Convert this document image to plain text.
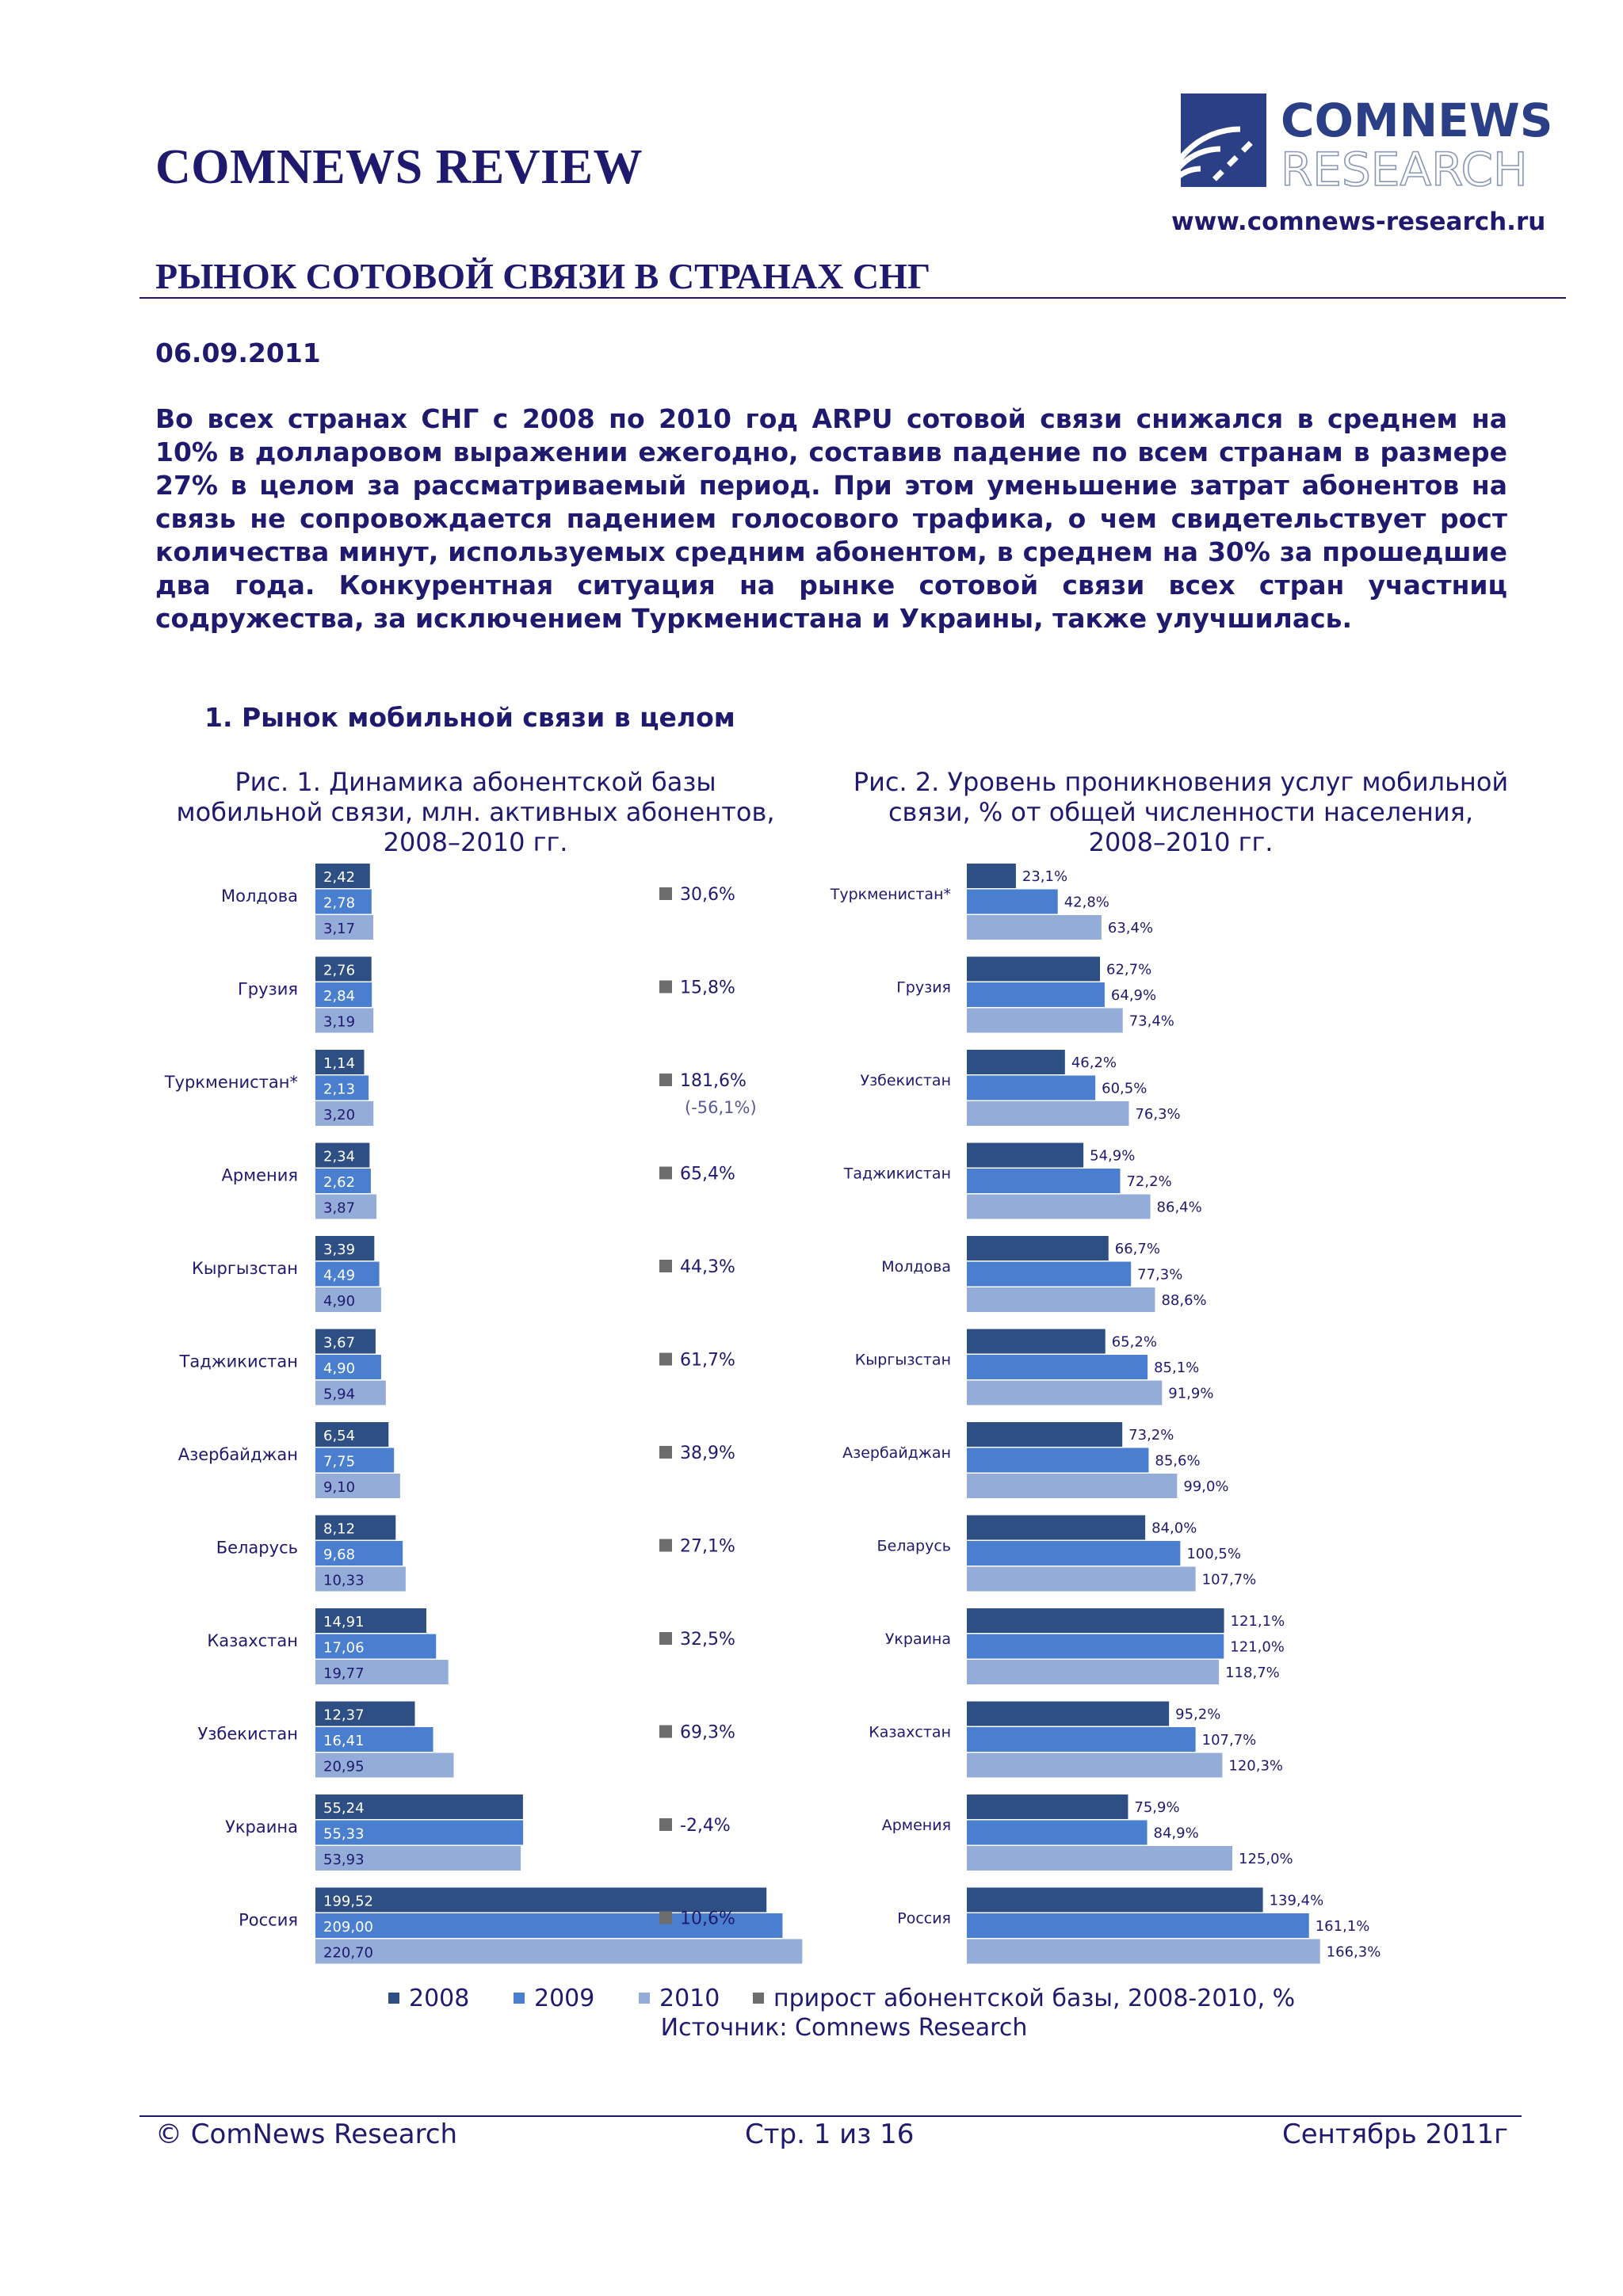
COMNEWS REVIEW
COMNEWS
RESEARCH
www.comnews-research.ru
РЫНОК СОТОВОЙ СВЯЗИ В СТРАНАХ СНГ
06.09.2011
Во всех странах СНГ с 2008 по 2010 год ARPU сотовой связи снижался в среднем на 10% в долларовом выражении ежегодно, составив падение по всем странам в размере 27% в целом за рассматриваемый период. При этом уменьшение затрат абонентов на связь не сопровождается падением голосового трафика, о чем свидетельствует рост количества минут, используемых средним абонентом, в среднем на 30% за прошедшие два года. Конкурентная ситуация на рынке сотовой связи всех стран участниц содружества, за исключением Туркменистана и Украины, также улучшилась.
1. Рынок мобильной связи в целом
Рис. 1. Динамика абонентской базы мобильной связи, млн. активных абонентов, 2008–2010 гг.
Рис. 2. Уровень проникновения услуг мобильной связи, % от общей численности населения, 2008–2010 гг.
Молдова
2,42
2,78
3,17
30,6%
Грузия
2,76
2,84
3,19
15,8%
Туркменистан*
1,14
2,13
3,20
181,6%
(-56,1%)
Армения
2,34
2,62
3,87
65,4%
Кыргызстан
3,39
4,49
4,90
44,3%
Таджикистан
3,67
4,90
5,94
61,7%
Азербайджан
6,54
7,75
9,10
38,9%
Беларусь
8,12
9,68
10,33
27,1%
Казахстан
14,91
17,06
19,77
32,5%
Узбекистан
12,37
16,41
20,95
69,3%
Украина
55,24
55,33
53,93
-2,4%
Россия
199,52
209,00
220,70
10,6%
Туркменистан*
23,1%
42,8%
63,4%
Грузия
62,7%
64,9%
73,4%
Узбекистан
46,2%
60,5%
76,3%
Таджикистан
54,9%
72,2%
86,4%
Молдова
66,7%
77,3%
88,6%
Кыргызстан
65,2%
85,1%
91,9%
Азербайджан
73,2%
85,6%
99,0%
Беларусь
84,0%
100,5%
107,7%
Украина
121,1%
121,0%
118,7%
Казахстан
95,2%
107,7%
120,3%
Армения
75,9%
84,9%
125,0%
Россия
139,4%
161,1%
166,3%
2008	2009	2010 прирост абонентской базы, 2008-2010, %
Источник: Comnews Research
© ComNews Research	Стр. 1 из 16	Сентябрь 2011г
